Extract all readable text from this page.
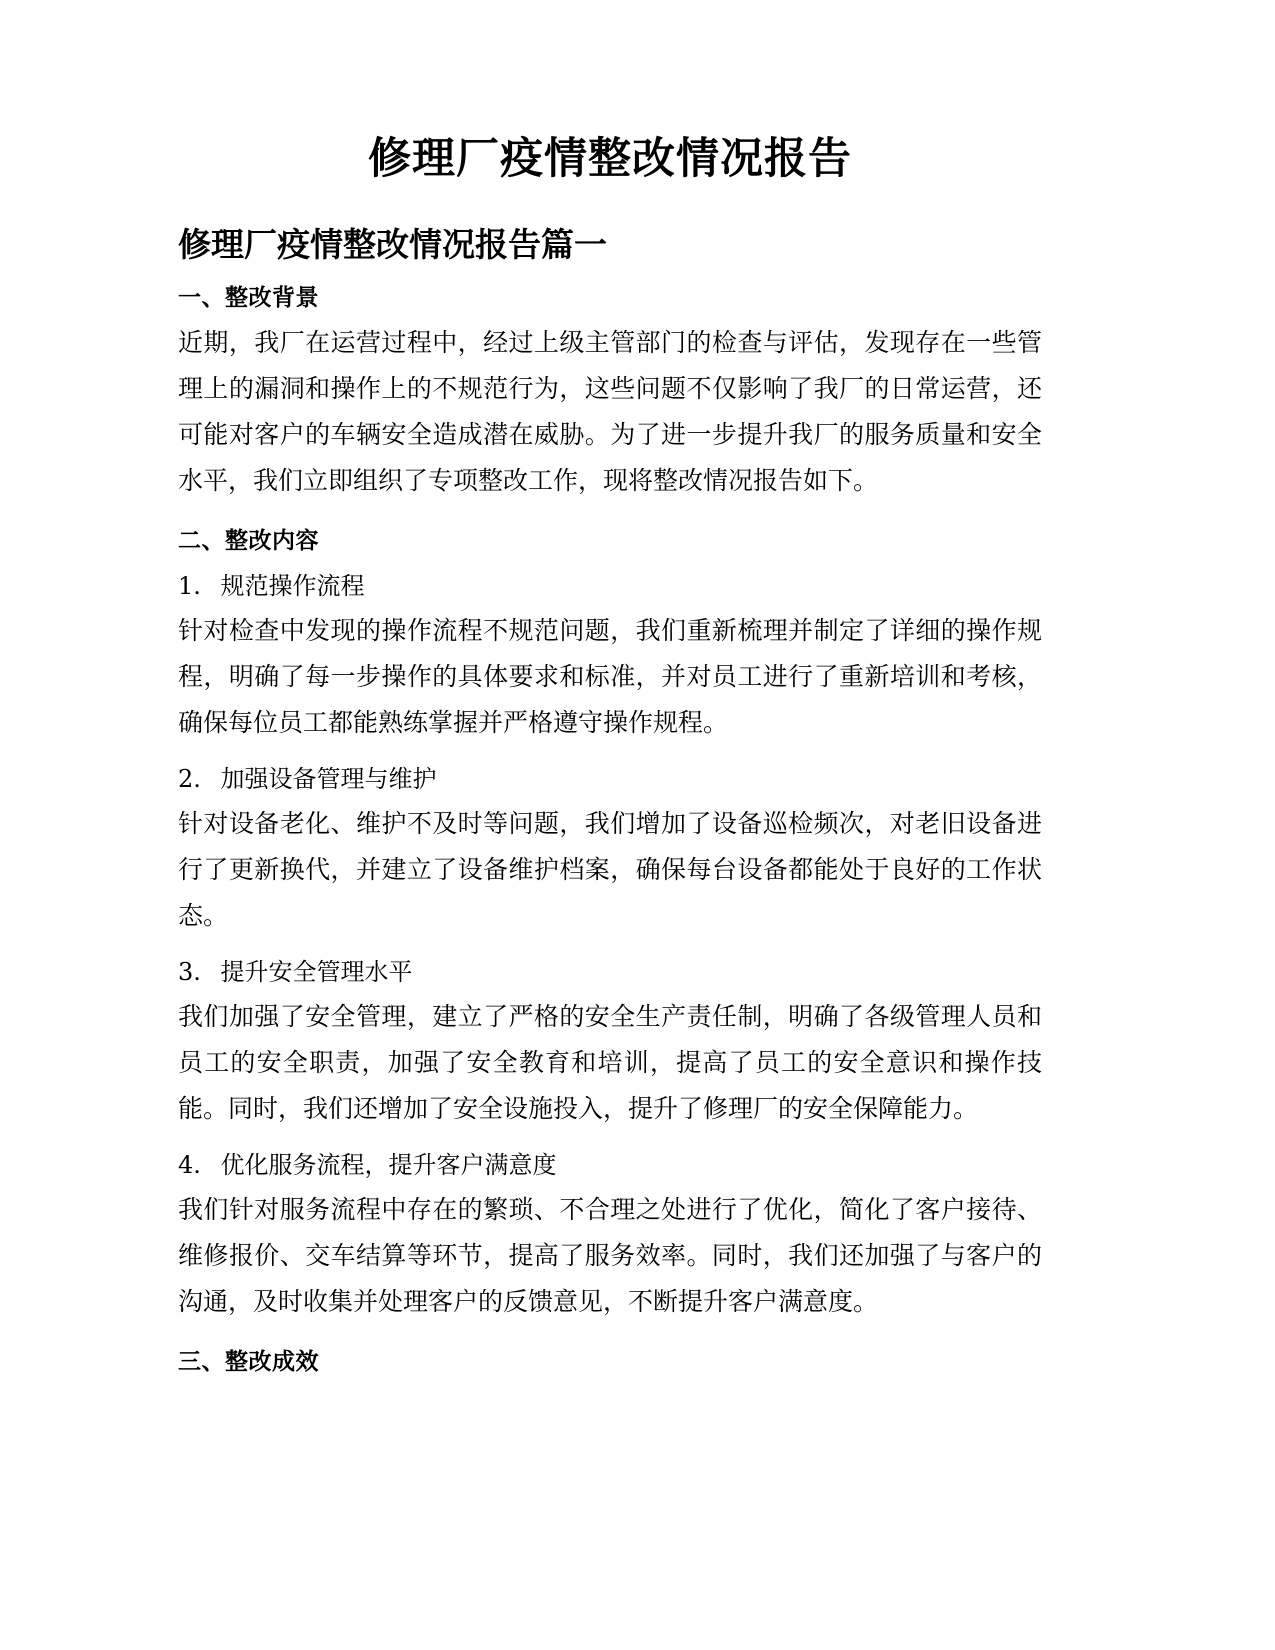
修理厂疫情整改情况报告
修理厂疫情整改情况报告篇一
一、整改背景

近期，我厂在运营过程中，经过上级主管部门的检查与评估，发现存在一些管理上的漏洞和操作上的不规范行为，这些问题不仅影响了我厂的日常运营，还可能对客户的车辆安全造成潜在威胁。为了进一步提升我厂的服务质量和安全水平，我们立即组织了专项整改工作，现将整改情况报告如下。

二、整改内容
1. 规范操作流程

针对检查中发现的操作流程不规范问题，我们重新梳理并制定了详细的操作规程，明确了每一步操作的具体要求和标准，并对员工进行了重新培训和考核，确保每位员工都能熟练掌握并严格遵守操作规程。

2. 加强设备管理与维护

针对设备老化、维护不及时等问题，我们增加了设备巡检频次，对老旧设备进行了更新换代，并建立了设备维护档案，确保每台设备都能处于良好的工作状态。

3. 提升安全管理水平

我们加强了安全管理，建立了严格的安全生产责任制，明确了各级管理人员和员工的安全职责，加强了安全教育和培训，提高了员工的安全意识和操作技能。同时，我们还增加了安全设施投入，提升了修理厂的安全保障能力。

4. 优化服务流程，提升客户满意度

我们针对服务流程中存在的繁琐、不合理之处进行了优化，简化了客户接待、维修报价、交车结算等环节，提高了服务效率。同时，我们还加强了与客户的沟通，及时收集并处理客户的反馈意见，不断提升客户满意度。

三、整改成效
